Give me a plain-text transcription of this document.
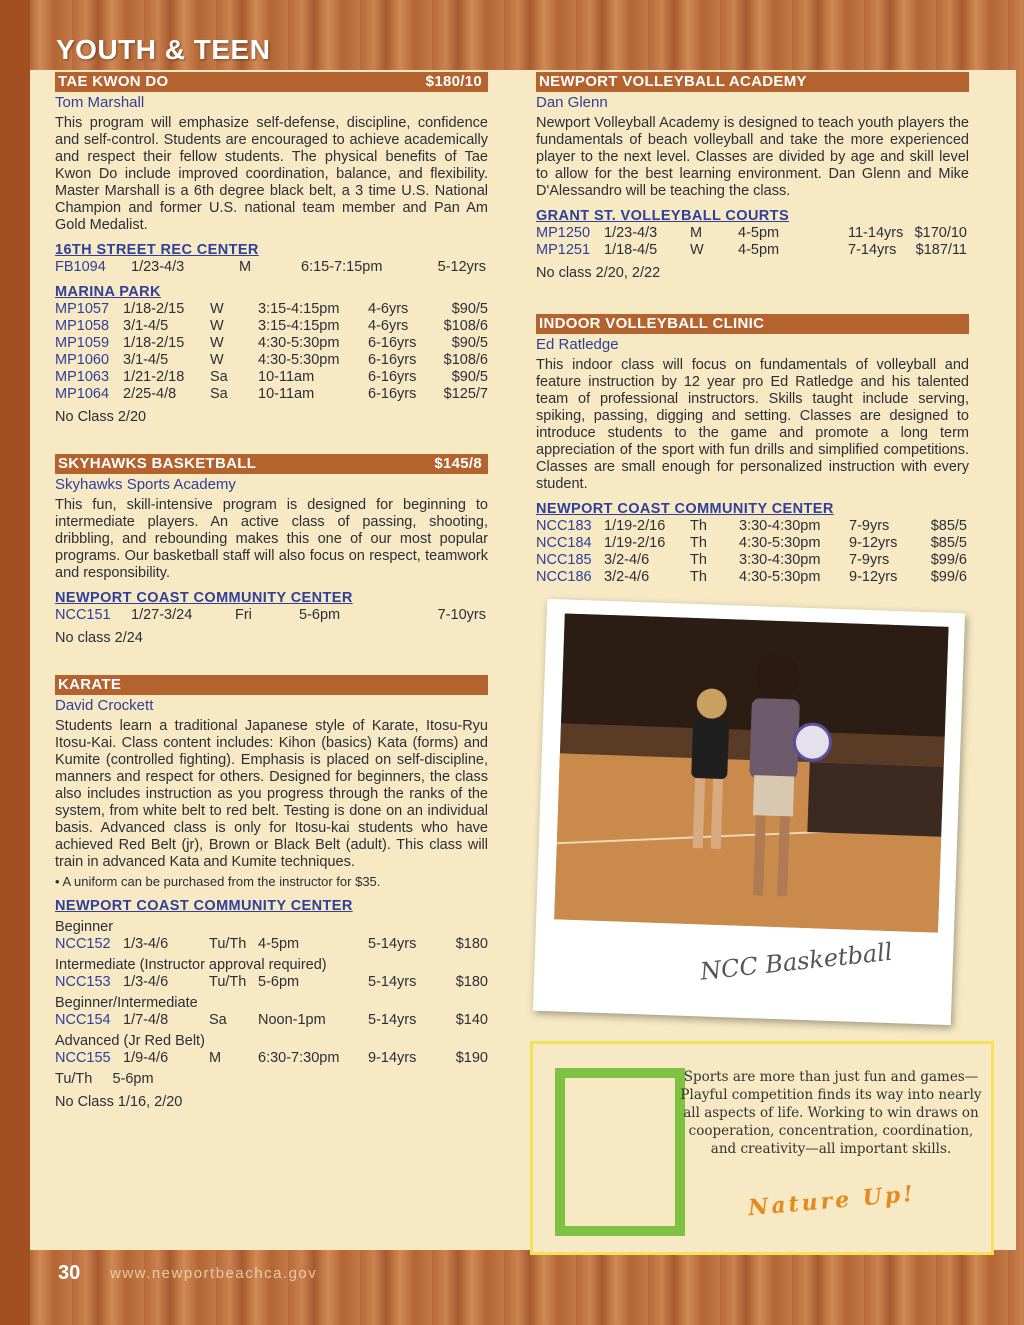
YOUTH & TEEN
TAE KWON DO	$180/10
Tom Marshall
This program will emphasize self-defense, discipline, confidence and self-control. Students are encouraged to achieve academically and respect their fellow students. The physical benefits of Tae Kwon Do include improved coordination, balance, and flexibility. Master Marshall is a 6th degree black belt, a 3 time U.S. National Champion and former U.S. national team member and Pan Am Gold Medalist.
16TH STREET REC CENTER
FB1094	1/23-4/3	M	6:15-7:15pm	5-12yrs
MARINA PARK
MP1057 1/18-2/15	W	3:15-4:15pm	4-6yrs	$90/5
MP1058 3/1-4/5	W	3:15-4:15pm	4-6yrs	$108/6
MP1059 1/18-2/15	W	4:30-5:30pm	6-16yrs	$90/5
MP1060 3/1-4/5	W	4:30-5:30pm	6-16yrs	$108/6
MP1063 1/21-2/18	Sa	10-11am	6-16yrs	$90/5
MP1064 2/25-4/8	Sa	10-11am	6-16yrs	$125/7
No Class 2/20
SKYHAWKS BASKETBALL	$145/8
Skyhawks Sports Academy
This fun, skill-intensive program is designed for beginning to intermediate players. An active class of passing, shooting, dribbling, and rebounding makes this one of our most popular programs. Our basketball staff will also focus on respect, teamwork and responsibility.
NEWPORT COAST COMMUNITY CENTER
NCC151	1/27-3/24	Fri	5-6pm	7-10yrs
No class 2/24
KARATE
David Crockett
Students learn a traditional Japanese style of Karate, Itosu-Ryu Itosu-Kai. Class content includes: Kihon (basics) Kata (forms) and Kumite (controlled fighting). Emphasis is placed on self-discipline, manners and respect for others. Designed for beginners, the class also includes instruction as you progress through the ranks of the system, from white belt to red belt. Testing is done on an individual basis. Advanced class is only for Itosu-kai students who have achieved Red Belt (jr), Brown or Black Belt (adult). This class will train in advanced Kata and Kumite techniques.
• A uniform can be purchased from the instructor for $35.
NEWPORT COAST COMMUNITY CENTER
Beginner
NCC152 1/3-4/6	Tu/Th 4-5pm	5-14yrs	$180
Intermediate (Instructor approval required)
NCC153 1/3-4/6	Tu/Th 5-6pm	5-14yrs	$180
Beginner/Intermediate
NCC154 1/7-4/8	Sa	Noon-1pm	5-14yrs	$140
Advanced (Jr Red Belt)
NCC155 1/9-4/6	M	6:30-7:30pm	9-14yrs	$190
Tu/Th     5-6pm
No Class 1/16, 2/20
NEWPORT VOLLEYBALL ACADEMY
Dan Glenn
Newport Volleyball Academy is designed to teach youth players the fundamentals of beach volleyball and take the more experienced player to the next level. Classes are divided by age and skill level to allow for the best learning environment. Dan Glenn and Mike D'Alessandro will be teaching the class.
GRANT ST. VOLLEYBALL COURTS
MP1250 1/23-4/3	M	4-5pm	11-14yrs $170/10
MP1251 1/18-4/5	W	4-5pm	7-14yrs	$187/11
No class 2/20, 2/22
INDOOR VOLLEYBALL CLINIC
Ed Ratledge
This indoor class will focus on fundamentals of volleyball and feature instruction by 12 year pro Ed Ratledge and his talented team of professional instructors. Skills taught include serving, spiking, passing, digging and setting. Classes are designed to introduce students to the game and promote a long term appreciation of the sport with fun drills and simplified competitions. Classes are small enough for personalized instruction with every student.
NEWPORT COAST COMMUNITY CENTER
NCC183 1/19-2/16	Th	3:30-4:30pm	7-9yrs	$85/5
NCC184 1/19-2/16	Th	4:30-5:30pm	9-12yrs	$85/5
NCC185 3/2-4/6	Th	3:30-4:30pm	7-9yrs	$99/6
NCC186 3/2-4/6	Th	4:30-5:30pm	9-12yrs	$99/6
NCC Basketball
Sports are more than just fun and games—Playful competition finds its way into nearly all aspects of life. Working to win draws on cooperation, concentration, coordination, and creativity—all important skills.
Nature Up!
30 www.newportbeachca.gov
